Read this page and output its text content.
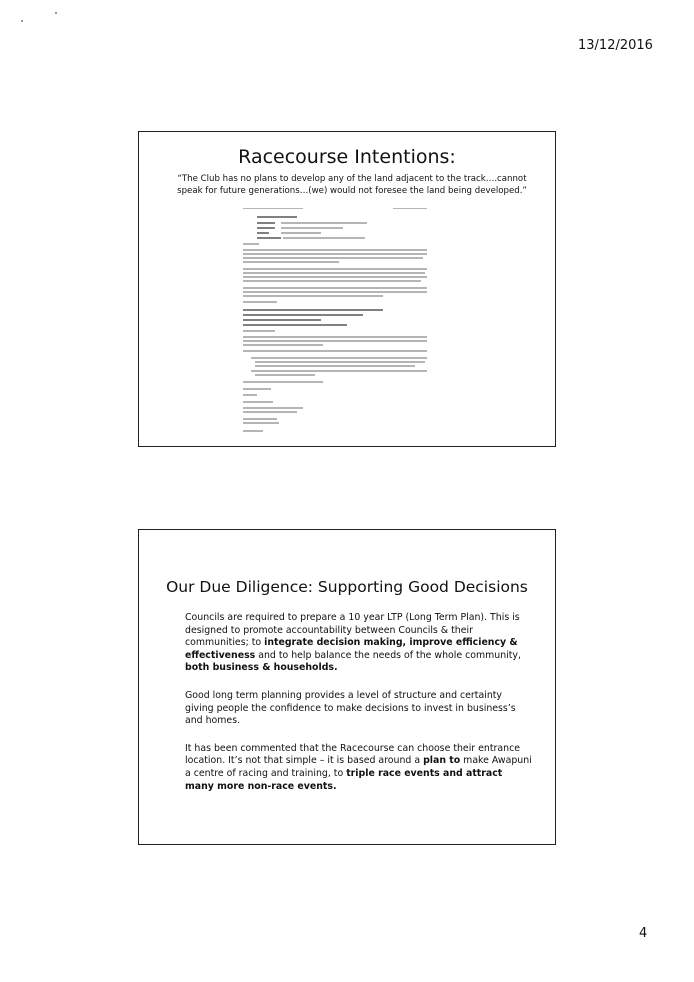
13/12/2016
Racecourse Intentions:
“The Club has no plans to develop any of the land adjacent to the track….cannot speak for future generations…(we) would not foresee the land being developed.”
Our Due Diligence: Supporting Good Decisions

Councils are required to prepare a 10 year LTP (Long Term Plan). This is designed to promote accountability between Councils & their communities; to integrate decision making, improve efficiency & effectiveness and to help balance the needs of the whole community, both business & households.

Good long term planning provides a level of structure and certainty giving people the confidence to make decisions to invest in business’s and homes.

It has been commented that the Racecourse can choose their entrance location. It’s not that simple – it is based around a plan to make Awapuni a centre of racing and training, to triple race events and attract many more non-race events.

4
